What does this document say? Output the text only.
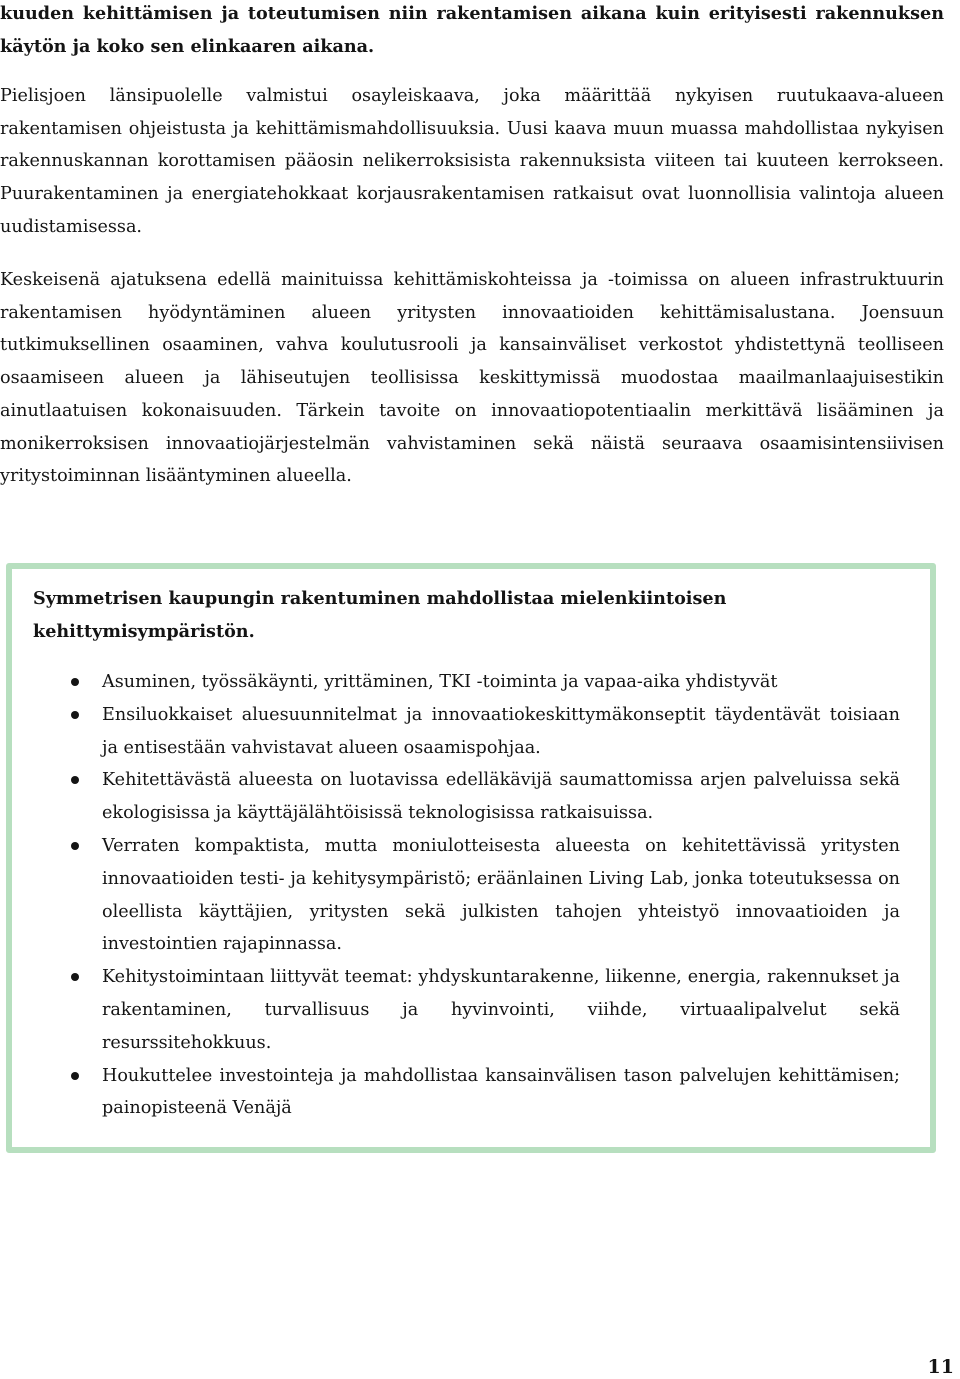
kuuden kehittämisen ja toteutumisen niin rakentamisen aikana kuin erityisesti rakennuksen käytön ja koko sen elinkaaren aikana.

Pielisjoen länsipuolelle valmistui osayleiskaava, joka määrittää nykyisen ruutukaava-alueen rakentamisen ohjeistusta ja kehittämismahdollisuuksia. Uusi kaava muun muassa mahdollistaa nykyisen rakennuskannan korottamisen pääosin nelikerroksisista rakennuksista viiteen tai kuuteen kerrokseen. Puurakentaminen ja energiatehokkaat korjausrakentamisen ratkaisut ovat luonnollisia valintoja alueen uudistamisessa.

Keskeisenä ajatuksena edellä mainituissa kehittämiskohteissa ja -toimissa on alueen infrastruktuurin rakentamisen hyödyntäminen alueen yritysten innovaatioiden kehittämisalustana. Joensuun tutkimuksellinen osaaminen, vahva koulutusrooli ja kansainväliset verkostot yhdistettynä teolliseen osaamiseen alueen ja lähiseutujen teollisissa keskittymissä muodostaa maailmanlaajuisestikin ainutlaatuisen kokonaisuuden. Tärkein tavoite on innovaatiopotentiaalin merkittävä lisääminen ja monikerroksisen innovaatiojärjestelmän vahvistaminen sekä näistä seuraava osaamisintensiivisen yritystoiminnan lisääntyminen alueella.

Symmetrisen kaupungin rakentuminen mahdollistaa mielenkiintoisen kehittymisympäristön.

Asuminen, työssäkäynti, yrittäminen, TKI -toiminta ja vapaa-aika yhdistyvät
Ensiluokkaiset aluesuunnitelmat ja innovaatiokeskittymäkonseptit täydentävät toisiaan ja entisestään vahvistavat alueen osaamispohjaa.
Kehitettävästä alueesta on luotavissa edelläkävijä saumattomissa arjen palveluissa sekä ekologisissa ja käyttäjälähtöisissä teknologisissa ratkaisuissa.
Verraten kompaktista, mutta moniulotteisesta alueesta on kehitettävissä yritysten innovaatioiden testi- ja kehitysympäristö; eräänlainen Living Lab, jonka toteutuksessa on oleellista käyttäjien, yritysten sekä julkisten tahojen yhteistyö innovaatioiden ja investointien rajapinnassa.
Kehitystoimintaan liittyvät teemat: yhdyskuntarakenne, liikenne, energia, rakennukset ja rakentaminen, turvallisuus ja hyvinvointi, viihde, virtuaalipalvelut sekä resurssitehokkuus.
Houkuttelee investointeja ja mahdollistaa kansainvälisen tason palvelujen kehittämisen; painopisteenä Venäjä
11
